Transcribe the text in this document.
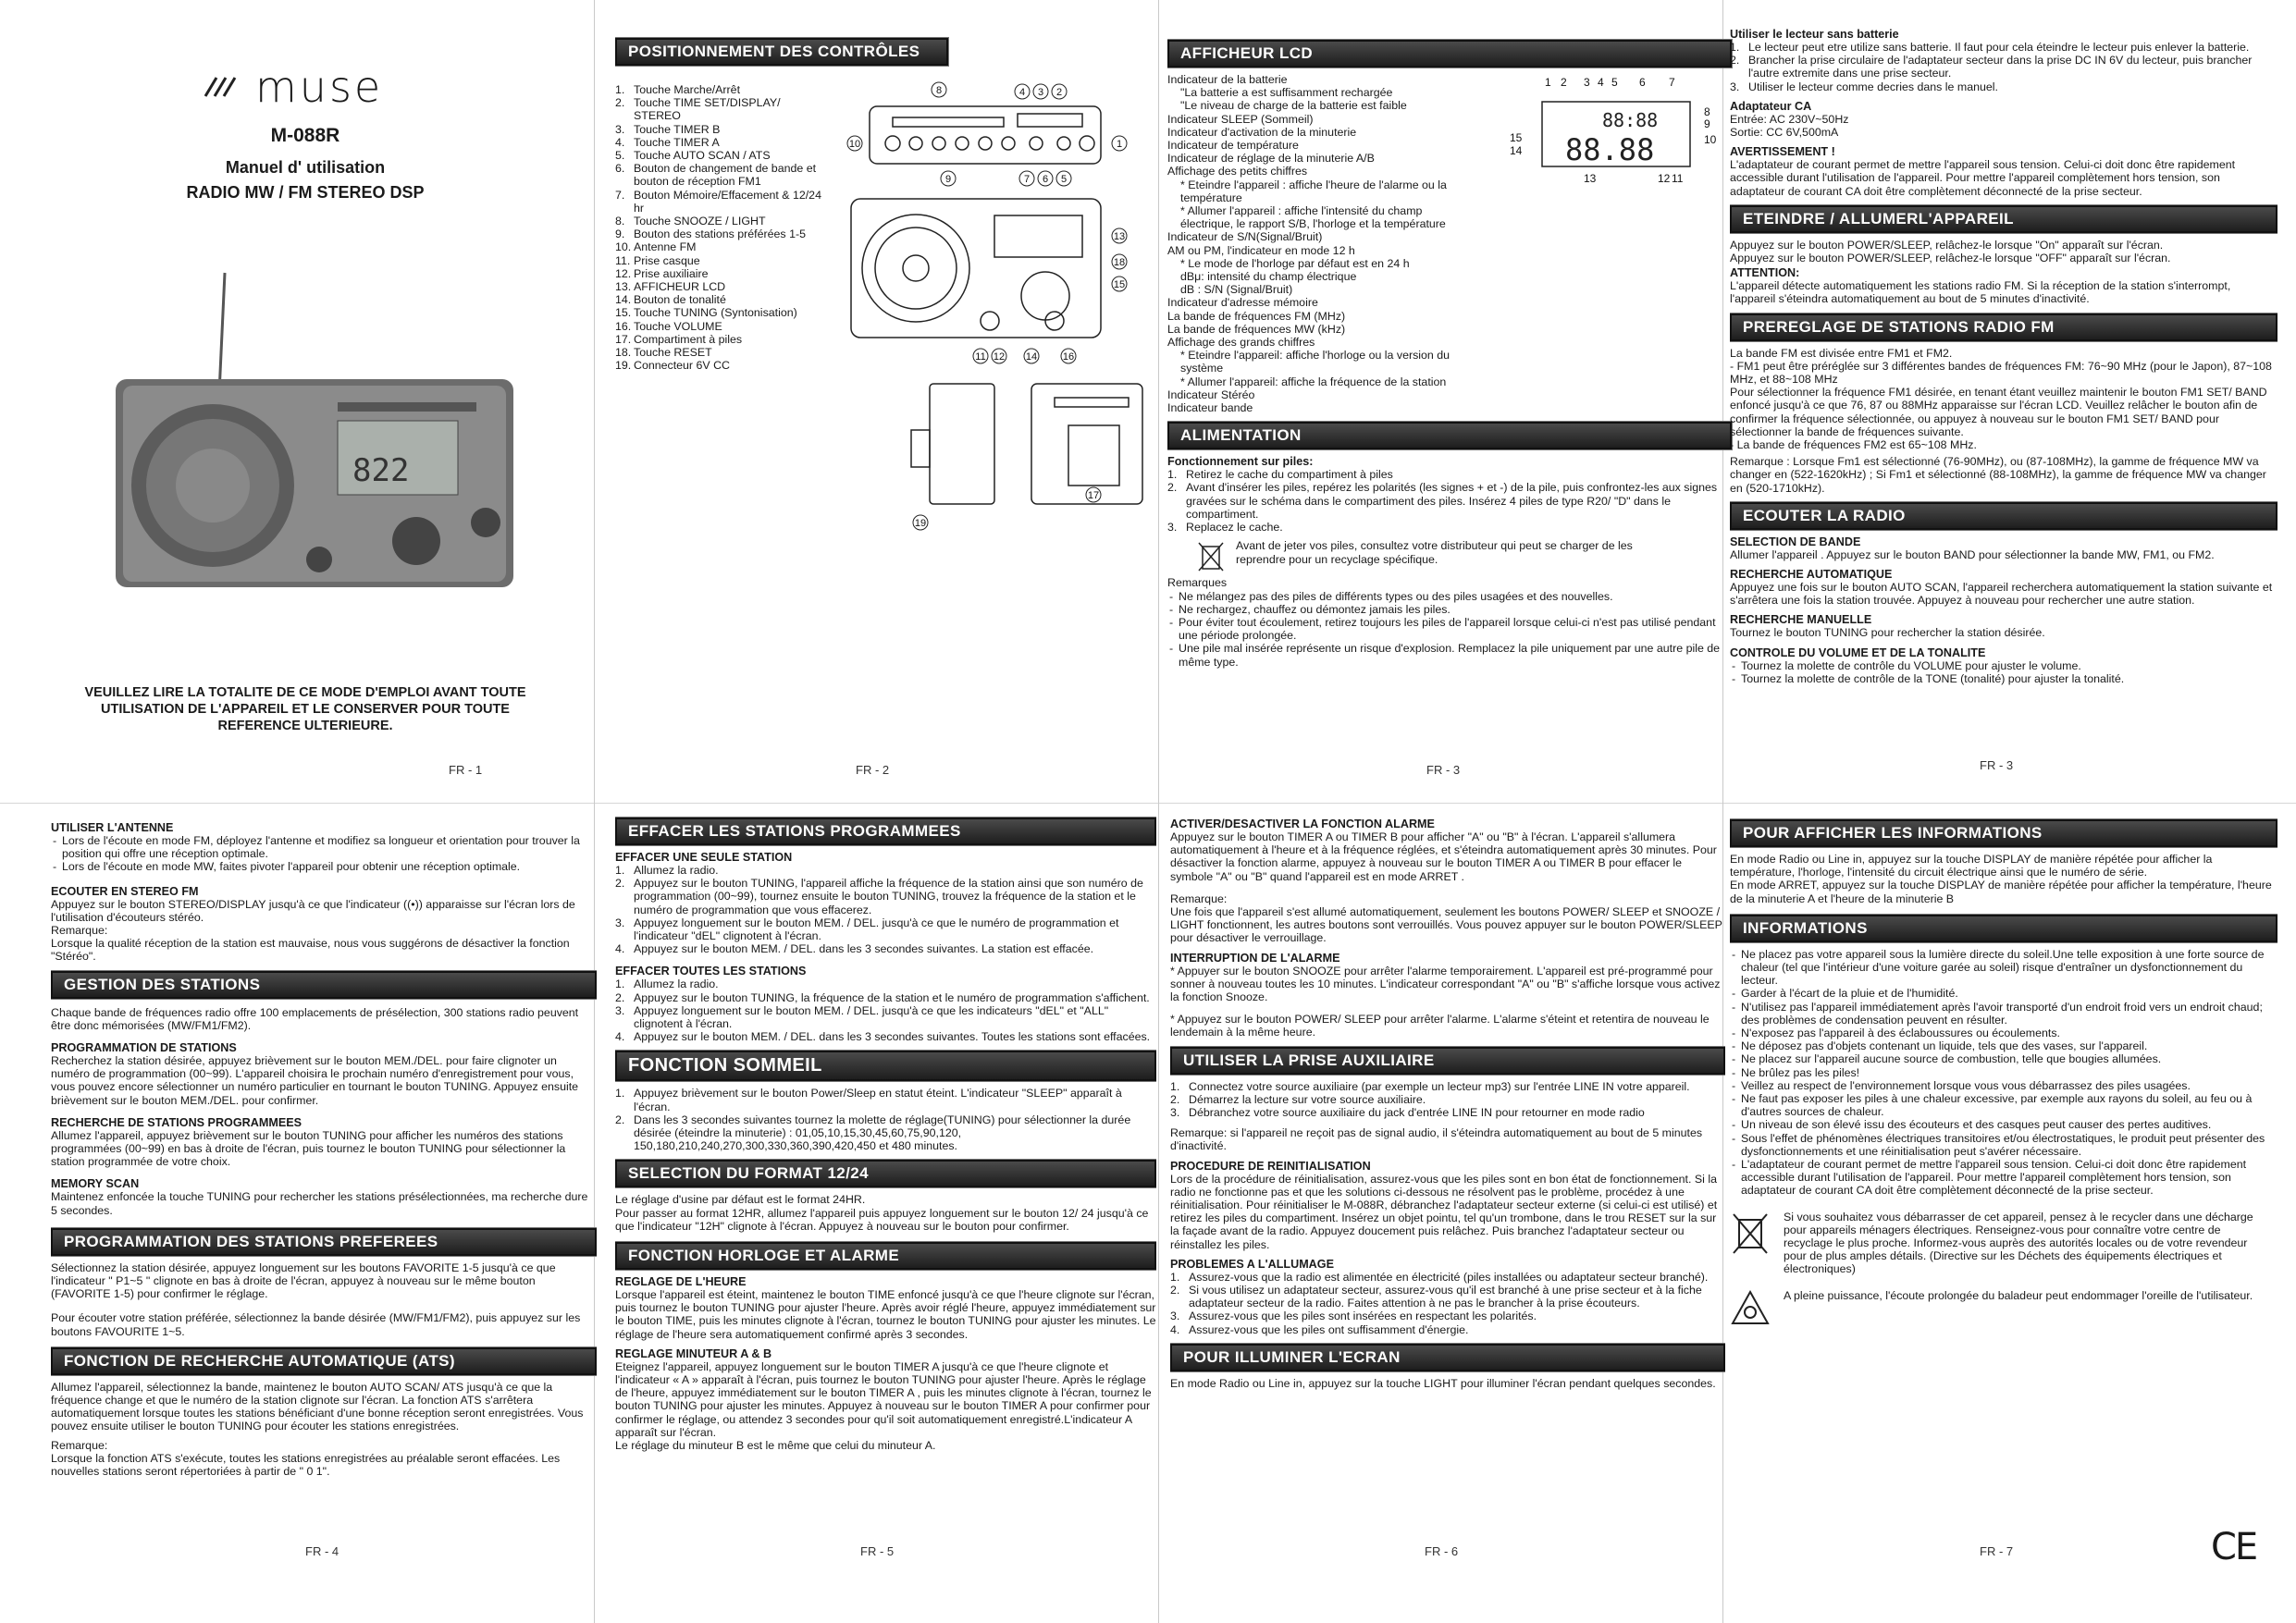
muse
M-088R
Manuel d' utilisation
RADIO MW / FM STEREO DSP
822
VEUILLEZ LIRE LA TOTALITE DE CE MODE D'EMPLOI AVANT TOUTE UTILISATION DE L'APPAREIL ET LE CONSERVER POUR TOUTE REFERENCE ULTERIEURE.
FR - 1
POSITIONNEMENT DES CONTRÔLES
Touche Marche/Arrêt
Touche TIME SET/DISPLAY/ STEREO
Touche TIMER B
Touche TIMER A
Touche AUTO SCAN / ATS
Bouton de changement de bande et bouton de réception FM1
Bouton Mémoire/Effacement & 12/24 hr
Touche SNOOZE / LIGHT
Bouton des stations préférées 1-5
Antenne FM
Prise casque
Prise auxiliaire
AFFICHEUR LCD
Bouton de tonalité
Touche TUNING (Syntonisation)
Touche VOLUME
Compartiment à piles
Touche RESET
Connecteur 6V CC
8	4 3 2
10	1
9	7 6 5
13
18
15
11 12 14	16
17
19
FR - 2
AFFICHEUR LCD
Indicateur de la batterie
"La batterie a est suffisamment rechargée
"Le niveau de charge de la batterie est faible
Indicateur SLEEP (Sommeil)
Indicateur d'activation de la minuterie
Indicateur de température
Indicateur de réglage de la minuterie A/B
Affichage des petits chiffres
* Eteindre l'appareil : affiche l'heure de l'alarme ou la température
* Allumer l'appareil : affiche l'intensité du champ électrique, le rapport S/B, l'horloge et la température
Indicateur de S/N(Signal/Bruit)
AM ou PM, l'indicateur en mode 12 h
* Le mode de l'horloge par défaut est en 24 h
dBμ: intensité du champ électrique
dB : S/N (Signal/Bruit)
Indicateur d'adresse mémoire
La bande de fréquences FM (MHz)
La bande de fréquences MW (kHz)
Affichage des grands chiffres
* Eteindre l'appareil: affiche l'horloge ou la version du système
* Allumer l'appareil: affiche la fréquence de la station
Indicateur Stéréo
Indicateur bande
88:88
88.88
1 2 3 4 5 6 7
8
9
10
15
14
13	12 11
ALIMENTATION
Fonctionnement sur piles:
Retirez le cache du compartiment à piles
Avant d'insérer les piles, repérez les polarités (les signes + et -) de la pile, puis confrontez-les aux signes gravées sur le schéma dans le compartiment des piles. Insérez 4 piles de type R20/ "D" dans le compartiment.
Replacez le cache.
Avant de jeter vos piles, consultez votre distributeur qui peut se charger de les reprendre pour un recyclage spécifique.
Remarques
- Ne mélangez pas des piles de différents types ou des piles usagées et des nouvelles.
- Ne rechargez, chauffez ou démontez jamais les piles.
- Pour éviter tout écoulement, retirez toujours les piles de l'appareil lorsque celui-ci n'est pas utilisé pendant une période prolongée.
- Une pile mal insérée représente un risque d'explosion. Remplacez la pile uniquement par une autre pile de même type.
FR - 3
Utiliser le lecteur sans batterie
Le lecteur peut etre utilize sans batterie. Il faut pour cela éteindre le lecteur puis enlever la batterie.
Brancher la prise circulaire de l'adaptateur secteur dans la prise DC IN 6V du lecteur, puis brancher l'autre extremite dans une prise secteur.
Utiliser le lecteur comme decries dans le manuel.
Adaptateur CA
Entrée: AC 230V~50Hz
Sortie: CC 6V,500mA
AVERTISSEMENT !
L'adaptateur de courant permet de mettre l'appareil sous tension. Celui-ci doit donc être rapidement accessible durant l'utilisation de l'appareil. Pour mettre l'appareil complètement hors tension, son adaptateur de courant CA doit être complètement déconnecté de la prise secteur.
ETEINDRE / ALLUMERL'APPAREIL
Appuyez sur le bouton POWER/SLEEP, relâchez-le lorsque "On" apparaît sur l'écran.
Appuyez sur le bouton POWER/SLEEP, relâchez-le lorsque "OFF" apparaît sur l'écran.
ATTENTION:
L'appareil détecte automatiquement les stations radio FM. Si la réception de la station s'interrompt, l'appareil s'éteindra automatiquement au bout de 5 minutes d'inactivité.
PREREGLAGE DE STATIONS RADIO FM
La bande FM est divisée entre FM1 et FM2.
- FM1 peut être préréglée sur 3 différentes bandes de fréquences FM: 76~90 MHz (pour le Japon), 87~108 MHz, et 88~108 MHz
Pour sélectionner la fréquence FM1 désirée, en tenant étant veuillez maintenir le bouton FM1 SET/ BAND enfoncé jusqu'à ce que 76, 87 ou 88MHz apparaisse sur l'écran LCD. Veuillez relâcher le bouton afin de confirmer la fréquence sélectionnée, ou appuyez à nouveau sur le bouton FM1 SET/ BAND pour sélectionner la bande de fréquences suivante.
- La bande de fréquences FM2 est 65~108 MHz.
Remarque : Lorsque Fm1 est sélectionné (76-90MHz), ou (87-108MHz), la gamme de fréquence MW va changer en (522-1620kHz) ; Si Fm1 et sélectionné (88-108MHz), la gamme de fréquence MW va changer en (520-1710kHz).
ECOUTER LA RADIO
SELECTION DE BANDE
Allumer l'appareil . Appuyez sur le bouton BAND pour sélectionner la bande MW, FM1, ou FM2.
RECHERCHE AUTOMATIQUE
Appuyez une fois sur le bouton AUTO SCAN, l'appareil recherchera automatiquement la station suivante et s'arrêtera une fois la station trouvée. Appuyez à nouveau pour rechercher une autre station.
RECHERCHE MANUELLE
Tournez le bouton TUNING pour rechercher la station désirée.
CONTROLE DU VOLUME ET DE LA TONALITE
- Tournez la molette de contrôle du VOLUME pour ajuster le volume.
- Tournez la molette de contrôle de la TONE (tonalité) pour ajuster la tonalité.
FR - 3
UTILISER L'ANTENNE
- Lors de l'écoute en mode FM, déployez l'antenne et modifiez sa longueur et orientation pour trouver la position qui offre une réception optimale.
- Lors de l'écoute en mode MW, faites pivoter l'appareil pour obtenir une réception optimale.
ECOUTER EN STEREO FM
Appuyez sur le bouton STEREO/DISPLAY jusqu'à ce que l'indicateur ((•)) apparaisse sur l'écran lors de l'utilisation d'écouteurs stéréo.
Remarque:
Lorsque la qualité réception de la station est mauvaise, nous vous suggérons de désactiver la fonction "Stéréo".
GESTION DES STATIONS
Chaque bande de fréquences radio offre 100 emplacements de présélection, 300 stations radio peuvent être donc mémorisées (MW/FM1/FM2).
PROGRAMMATION DE STATIONS
Recherchez la station désirée, appuyez brièvement sur le bouton MEM./DEL. pour faire clignoter un numéro de programmation (00~99). L'appareil choisira le prochain numéro d'enregistrement pour vous, vous pouvez encore sélectionner un numéro particulier en tournant le bouton TUNING. Appuyez ensuite brièvement sur le bouton MEM./DEL. pour confirmer.
RECHERCHE DE STATIONS PROGRAMMEES
Allumez l'appareil, appuyez brièvement sur le bouton TUNING pour afficher les numéros des stations programmées (00~99) en bas à droite de l'écran, puis tournez le bouton TUNING pour sélectionner la station programmée de votre choix.
MEMORY SCAN
Maintenez enfoncée la touche TUNING pour rechercher les stations présélectionnées, ma recherche dure 5 secondes.
PROGRAMMATION DES STATIONS PREFEREES
Sélectionnez la station désirée, appuyez longuement sur les boutons FAVORITE 1-5 jusqu'à ce que l'indicateur " P1~5 " clignote en bas à droite de l'écran, appuyez à nouveau sur le même bouton (FAVORITE 1-5) pour confirmer le réglage.
Pour écouter votre station préférée, sélectionnez la bande désirée (MW/FM1/FM2), puis appuyez sur les boutons FAVOURITE 1~5.
FONCTION DE RECHERCHE AUTOMATIQUE (ATS)
Allumez l'appareil, sélectionnez la bande, maintenez le bouton AUTO SCAN/ ATS jusqu'à ce que la fréquence change et que le numéro de la station clignote sur l'écran. La fonction ATS s'arrêtera automatiquement lorsque toutes les stations bénéficiant d'une bonne réception seront enregistrées. Vous pouvez ensuite utiliser le bouton TUNING pour écouter les stations enregistrées.
Remarque:
Lorsque la fonction ATS s'exécute, toutes les stations enregistrées au préalable seront effacées. Les nouvelles stations seront répertoriées à partir de " 0 1".
FR - 4
EFFACER LES STATIONS PROGRAMMEES
EFFACER UNE SEULE STATION
Allumez la radio.
Appuyez sur le bouton TUNING, l'appareil affiche la fréquence de la station ainsi que son numéro de programmation (00~99), tournez ensuite le bouton TUNING, trouvez la fréquence de la station et le numéro de programmation que vous effacerez.
Appuyez longuement sur le bouton MEM. / DEL. jusqu'à ce que le numéro de programmation et l'indicateur "dEL" clignotent à l'écran.
Appuyez sur le bouton MEM. / DEL. dans les 3 secondes suivantes. La station est effacée.
EFFACER TOUTES LES STATIONS
Allumez la radio.
Appuyez sur le bouton TUNING, la fréquence de la station et le numéro de programmation s'affichent.
Appuyez longuement sur le bouton MEM. / DEL. jusqu'à ce que les indicateurs "dEL" et "ALL" clignotent à l'écran.
Appuyez sur le bouton MEM. / DEL. dans les 3 secondes suivantes. Toutes les stations sont effacées.
FONCTION SOMMEIL
Appuyez brièvement sur le bouton Power/Sleep en statut éteint. L'indicateur "SLEEP" apparaît à l'écran.
Dans les 3 secondes suivantes tournez la molette de réglage(TUNING) pour sélectionner la durée désirée (éteindre la minuterie) : 01,05,10,15,30,45,60,75,90,120, 150,180,210,240,270,300,330,360,390,420,450 et 480 minutes.
SELECTION DU FORMAT 12/24
Le réglage d'usine par défaut est le format 24HR.
Pour passer au format 12HR, allumez l'appareil puis appuyez longuement sur le bouton 12/ 24 jusqu'à ce que l'indicateur "12H" clignote à l'écran. Appuyez à nouveau sur le bouton pour confirmer.
FONCTION HORLOGE ET ALARME
REGLAGE DE L'HEURE
Lorsque l'appareil est éteint, maintenez le bouton TIME enfoncé jusqu'à ce que l'heure clignote sur l'écran, puis tournez le bouton TUNING pour ajuster l'heure. Après avoir réglé l'heure, appuyez immédiatement sur le bouton TIME, puis les minutes clignote à l'écran, tournez le bouton TUNING pour ajuster les minutes. Le réglage de l'heure sera automatiquement confirmé après 3 secondes.
REGLAGE MINUTEUR A & B
Eteignez l'appareil, appuyez longuement sur le bouton TIMER A jusqu'à ce que l'heure clignote et l'indicateur « A » apparaît à l'écran, puis tournez le bouton TUNING pour ajuster l'heure. Après le réglage de l'heure, appuyez immédiatement sur le bouton TIMER A , puis les minutes clignote à l'écran, tournez le bouton TUNING pour ajuster les minutes. Appuyez à nouveau sur le bouton TIMER A pour confirmer pour confirmer le réglage, ou attendez 3 secondes pour qu'il soit automatiquement enregistré.L'indicateur A apparaît sur l'écran.
Le réglage du minuteur B est le même que celui du minuteur A.
FR - 5
ACTIVER/DESACTIVER LA FONCTION ALARME
Appuyez sur le bouton TIMER A ou TIMER B pour afficher "A" ou "B" à l'écran. L'appareil s'allumera automatiquement à l'heure et à la fréquence réglées, et s'éteindra automatiquement après 30 minutes. Pour désactiver la fonction alarme, appuyez à nouveau sur le bouton TIMER A ou TIMER B pour effacer le symbole "A" ou "B" quand l'appareil est en mode ARRET .
Remarque:
Une fois que l'appareil s'est allumé automatiquement, seulement les boutons POWER/ SLEEP et SNOOZE / LIGHT fonctionnent, les autres boutons sont verrouillés. Vous pouvez appuyer sur le bouton POWER/SLEEP pour désactiver le verrouillage.
INTERRUPTION DE L'ALARME
* Appuyer sur le bouton SNOOZE pour arrêter l'alarme temporairement. L'appareil est pré-programmé pour sonner à nouveau toutes les 10 minutes. L'indicateur correspondant "A" ou "B" s'affiche lorsque vous activez la fonction Snooze.
* Appuyez sur le bouton POWER/ SLEEP pour arrêter l'alarme. L'alarme s'éteint et retentira de nouveau le lendemain à la même heure.
UTILISER LA PRISE AUXILIAIRE
Connectez votre source auxiliaire (par exemple un lecteur mp3) sur l'entrée LINE IN votre appareil.
Démarrez la lecture sur votre source auxiliaire.
Débranchez votre source auxiliaire du jack d'entrée LINE IN pour retourner en mode radio
Remarque: si l'appareil ne reçoit pas de signal audio, il s'éteindra automatiquement au bout de 5 minutes d'inactivité.
PROCEDURE DE REINITIALISATION
Lors de la procédure de réinitialisation, assurez-vous que les piles sont en bon état de fonctionnement. Si la radio ne fonctionne pas et que les solutions ci-dessous ne résolvent pas le problème, procédez à une réinitialisation. Pour réinitialiser le M-088R, débranchez l'adaptateur secteur externe (si celui-ci est utilisé) et retirez les piles du compartiment. Insérez un objet pointu, tel qu'un trombone, dans le trou RESET sur la sur la façade avant de la radio. Appuyez doucement puis relâchez. Puis branchez l'adaptateur secteur ou réinstallez les piles.
PROBLEMES A L'ALLUMAGE
Assurez-vous que la radio est alimentée en électricité (piles installées ou adaptateur secteur branché).
Si vous utilisez un adaptateur secteur, assurez-vous qu'il est branché à une prise secteur et à la fiche adaptateur secteur de la radio. Faites attention à ne pas le brancher à la prise écouteurs.
Assurez-vous que les piles sont insérées en respectant les polarités.
Assurez-vous que les piles ont suffisamment d'énergie.
POUR ILLUMINER L'ECRAN
En mode Radio ou Line in, appuyez sur la touche LIGHT pour illuminer l'écran pendant quelques secondes.
FR - 6
POUR AFFICHER LES INFORMATIONS
En mode Radio ou Line in, appuyez sur la touche DISPLAY de manière répétée pour afficher la température, l'horloge, l'intensité du circuit électrique ainsi que le numéro de série.
En mode ARRET, appuyez sur la touche DISPLAY de manière répétée pour afficher la température, l'heure de la minuterie A et l'heure de la minuterie B
INFORMATIONS
- Ne placez pas votre appareil sous la lumière directe du soleil.Une telle exposition à une forte source de chaleur (tel que l'intérieur d'une voiture garée au soleil) risque d'entraîner un dysfonctionnement du lecteur.
- Garder à l'écart de la pluie et de l'humidité.
- N'utilisez pas l'appareil immédiatement après l'avoir transporté d'un endroit froid vers un endroit chaud; des problèmes de condensation peuvent en résulter.
- N'exposez pas l'appareil à des éclaboussures ou écoulements.
- Ne déposez pas d'objets contenant un liquide, tels que des vases, sur l'appareil.
- Ne placez sur l'appareil aucune source de combustion, telle que bougies allumées.
- Ne brûlez pas les piles!
- Veillez au respect de l'environnement lorsque vous vous débarrassez des piles usagées.
- Ne faut pas exposer les piles à une chaleur excessive, par exemple aux rayons du soleil, au feu ou à d'autres sources de chaleur.
- Un niveau de son élevé issu des écouteurs et des casques peut causer des pertes auditives.
- Sous l'effet de phénomènes électriques transitoires et/ou électrostatiques, le produit peut présenter des dysfonctionnements et une réinitialisation peut s'avérer nécessaire.
- L'adaptateur de courant permet de mettre l'appareil sous tension. Celui-ci doit donc être rapidement accessible durant l'utilisation de l'appareil. Pour mettre l'appareil complètement hors tension, son adaptateur de courant CA doit être complètement déconnecté de la prise secteur.
Si vous souhaitez vous débarrasser de cet appareil, pensez à le recycler dans une décharge pour appareils ménagers électriques. Renseignez-vous pour connaître votre centre de recyclage le plus proche. Informez-vous auprès des autorités locales ou de votre revendeur pour de plus amples détails. (Directive sur les Déchets des équipements électriques et électroniques)
A pleine puissance, l'écoute prolongée du baladeur peut endommager l'oreille de l'utilisateur.
FR - 7	CE
